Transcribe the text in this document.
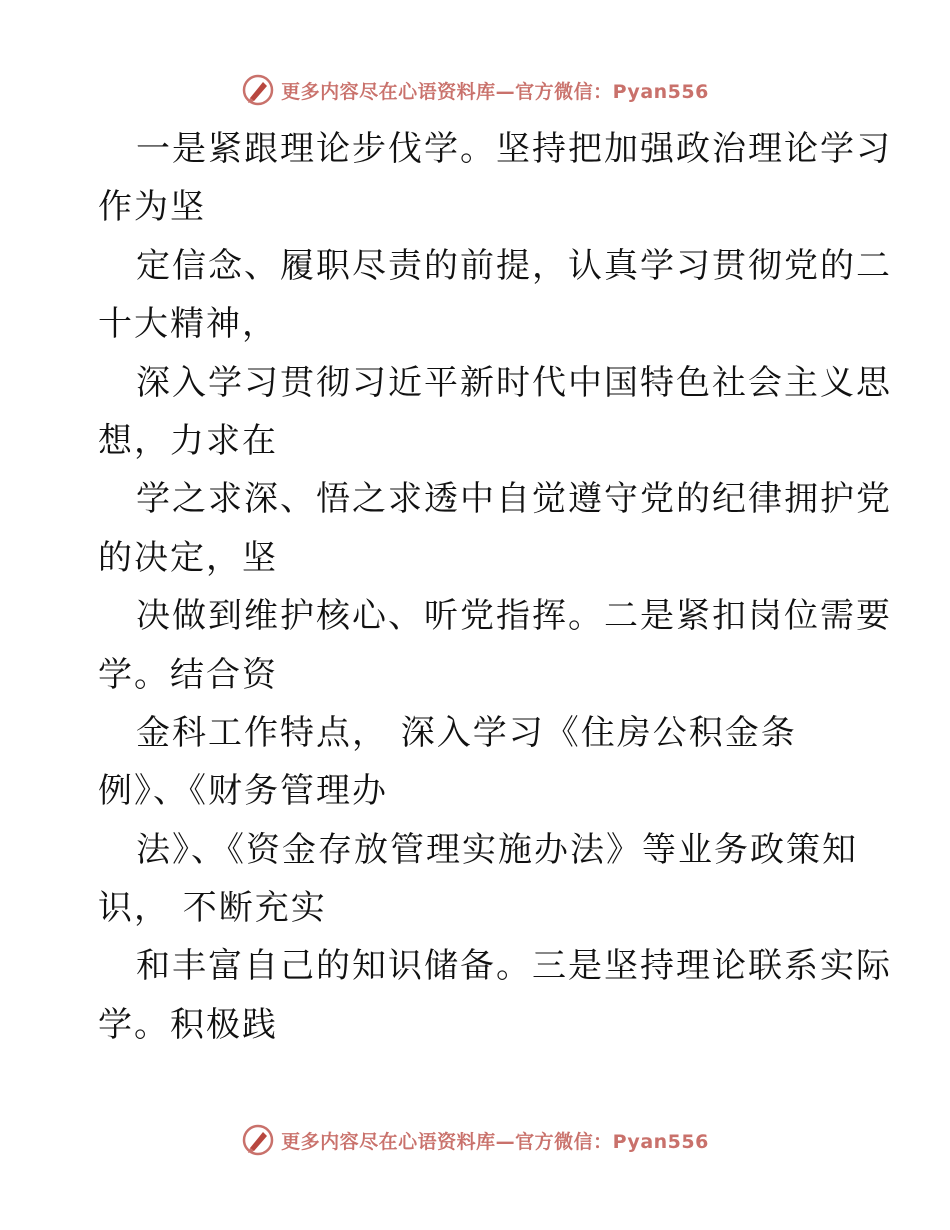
更多内容尽在心语资料库—官方微信：Pyan556
一是紧跟理论步伐学。坚持把加强政治理论学习
作为坚
定信念、履职尽责的前提，认真学习贯彻党的二
十大精神，
深入学习贯彻习近平新时代中国特色社会主义思
想，力求在
学之求深、悟之求透中自觉遵守党的纪律拥护党
的决定，坚
决做到维护核心、听党指挥。二是紧扣岗位需要
学。结合资
金科工作特点， 深入学习《住房公积金条
例》、《财务管理办
法》、《资金存放管理实施办法》等业务政策知
识， 不断充实
和丰富自己的知识储备。三是坚持理论联系实际
学。积极践
更多内容尽在心语资料库—官方微信：Pyan556
